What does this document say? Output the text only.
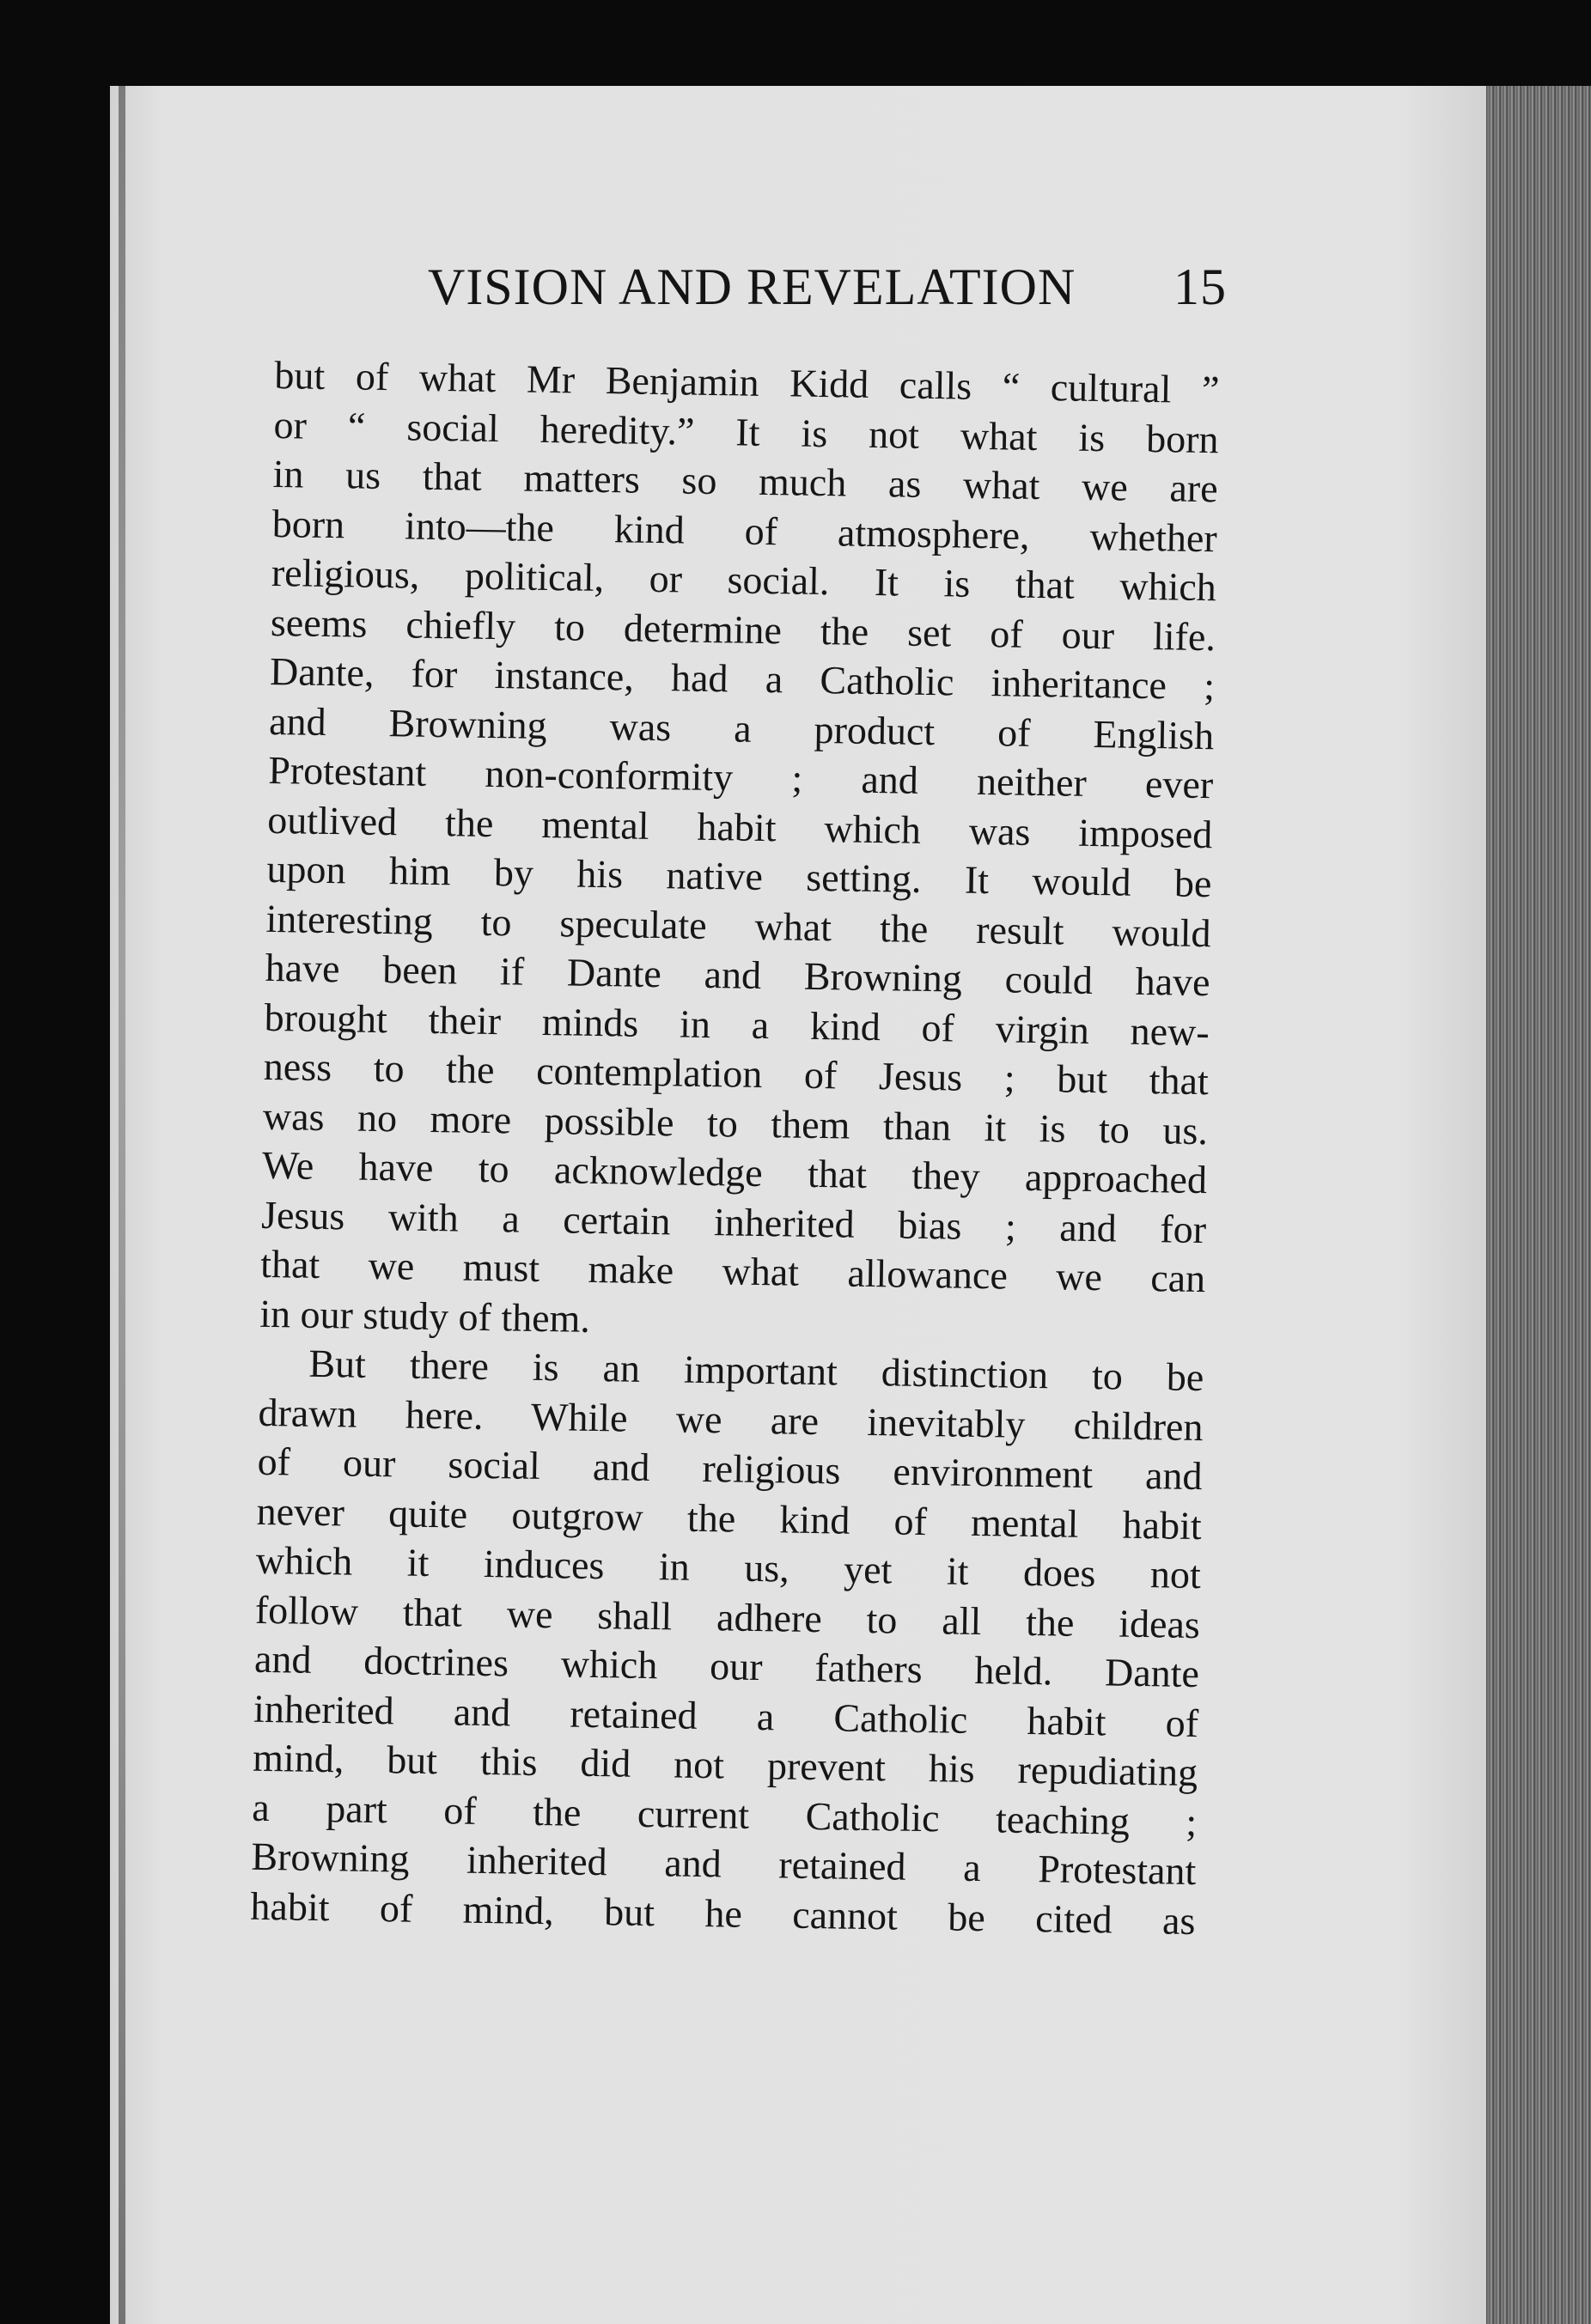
VISION AND REVELATION 15
but of what Mr Benjamin Kidd calls “ cultural ”
or “ social heredity.” It is not what is born
in us that matters so much as what we are
born into—the kind of atmosphere, whether
religious, political, or social. It is that which
seems chiefly to determine the set of our life.
Dante, for instance, had a Catholic inheritance ;
and Browning was a product of English
Protestant non-conformity ; and neither ever
outlived the mental habit which was imposed
upon him by his native setting. It would be
interesting to speculate what the result would
have been if Dante and Browning could have
brought their minds in a kind of virgin new-
ness to the contemplation of Jesus ; but that
was no more possible to them than it is to us.
We have to acknowledge that they approached
Jesus with a certain inherited bias ; and for
that we must make what allowance we can
in our study of them.
But there is an important distinction to be
drawn here. While we are inevitably children
of our social and religious environment and
never quite outgrow the kind of mental habit
which it induces in us, yet it does not
follow that we shall adhere to all the ideas
and doctrines which our fathers held. Dante
inherited and retained a Catholic habit of
mind, but this did not prevent his repudiating
a part of the current Catholic teaching ;
Browning inherited and retained a Protestant
habit of mind, but he cannot be cited as
